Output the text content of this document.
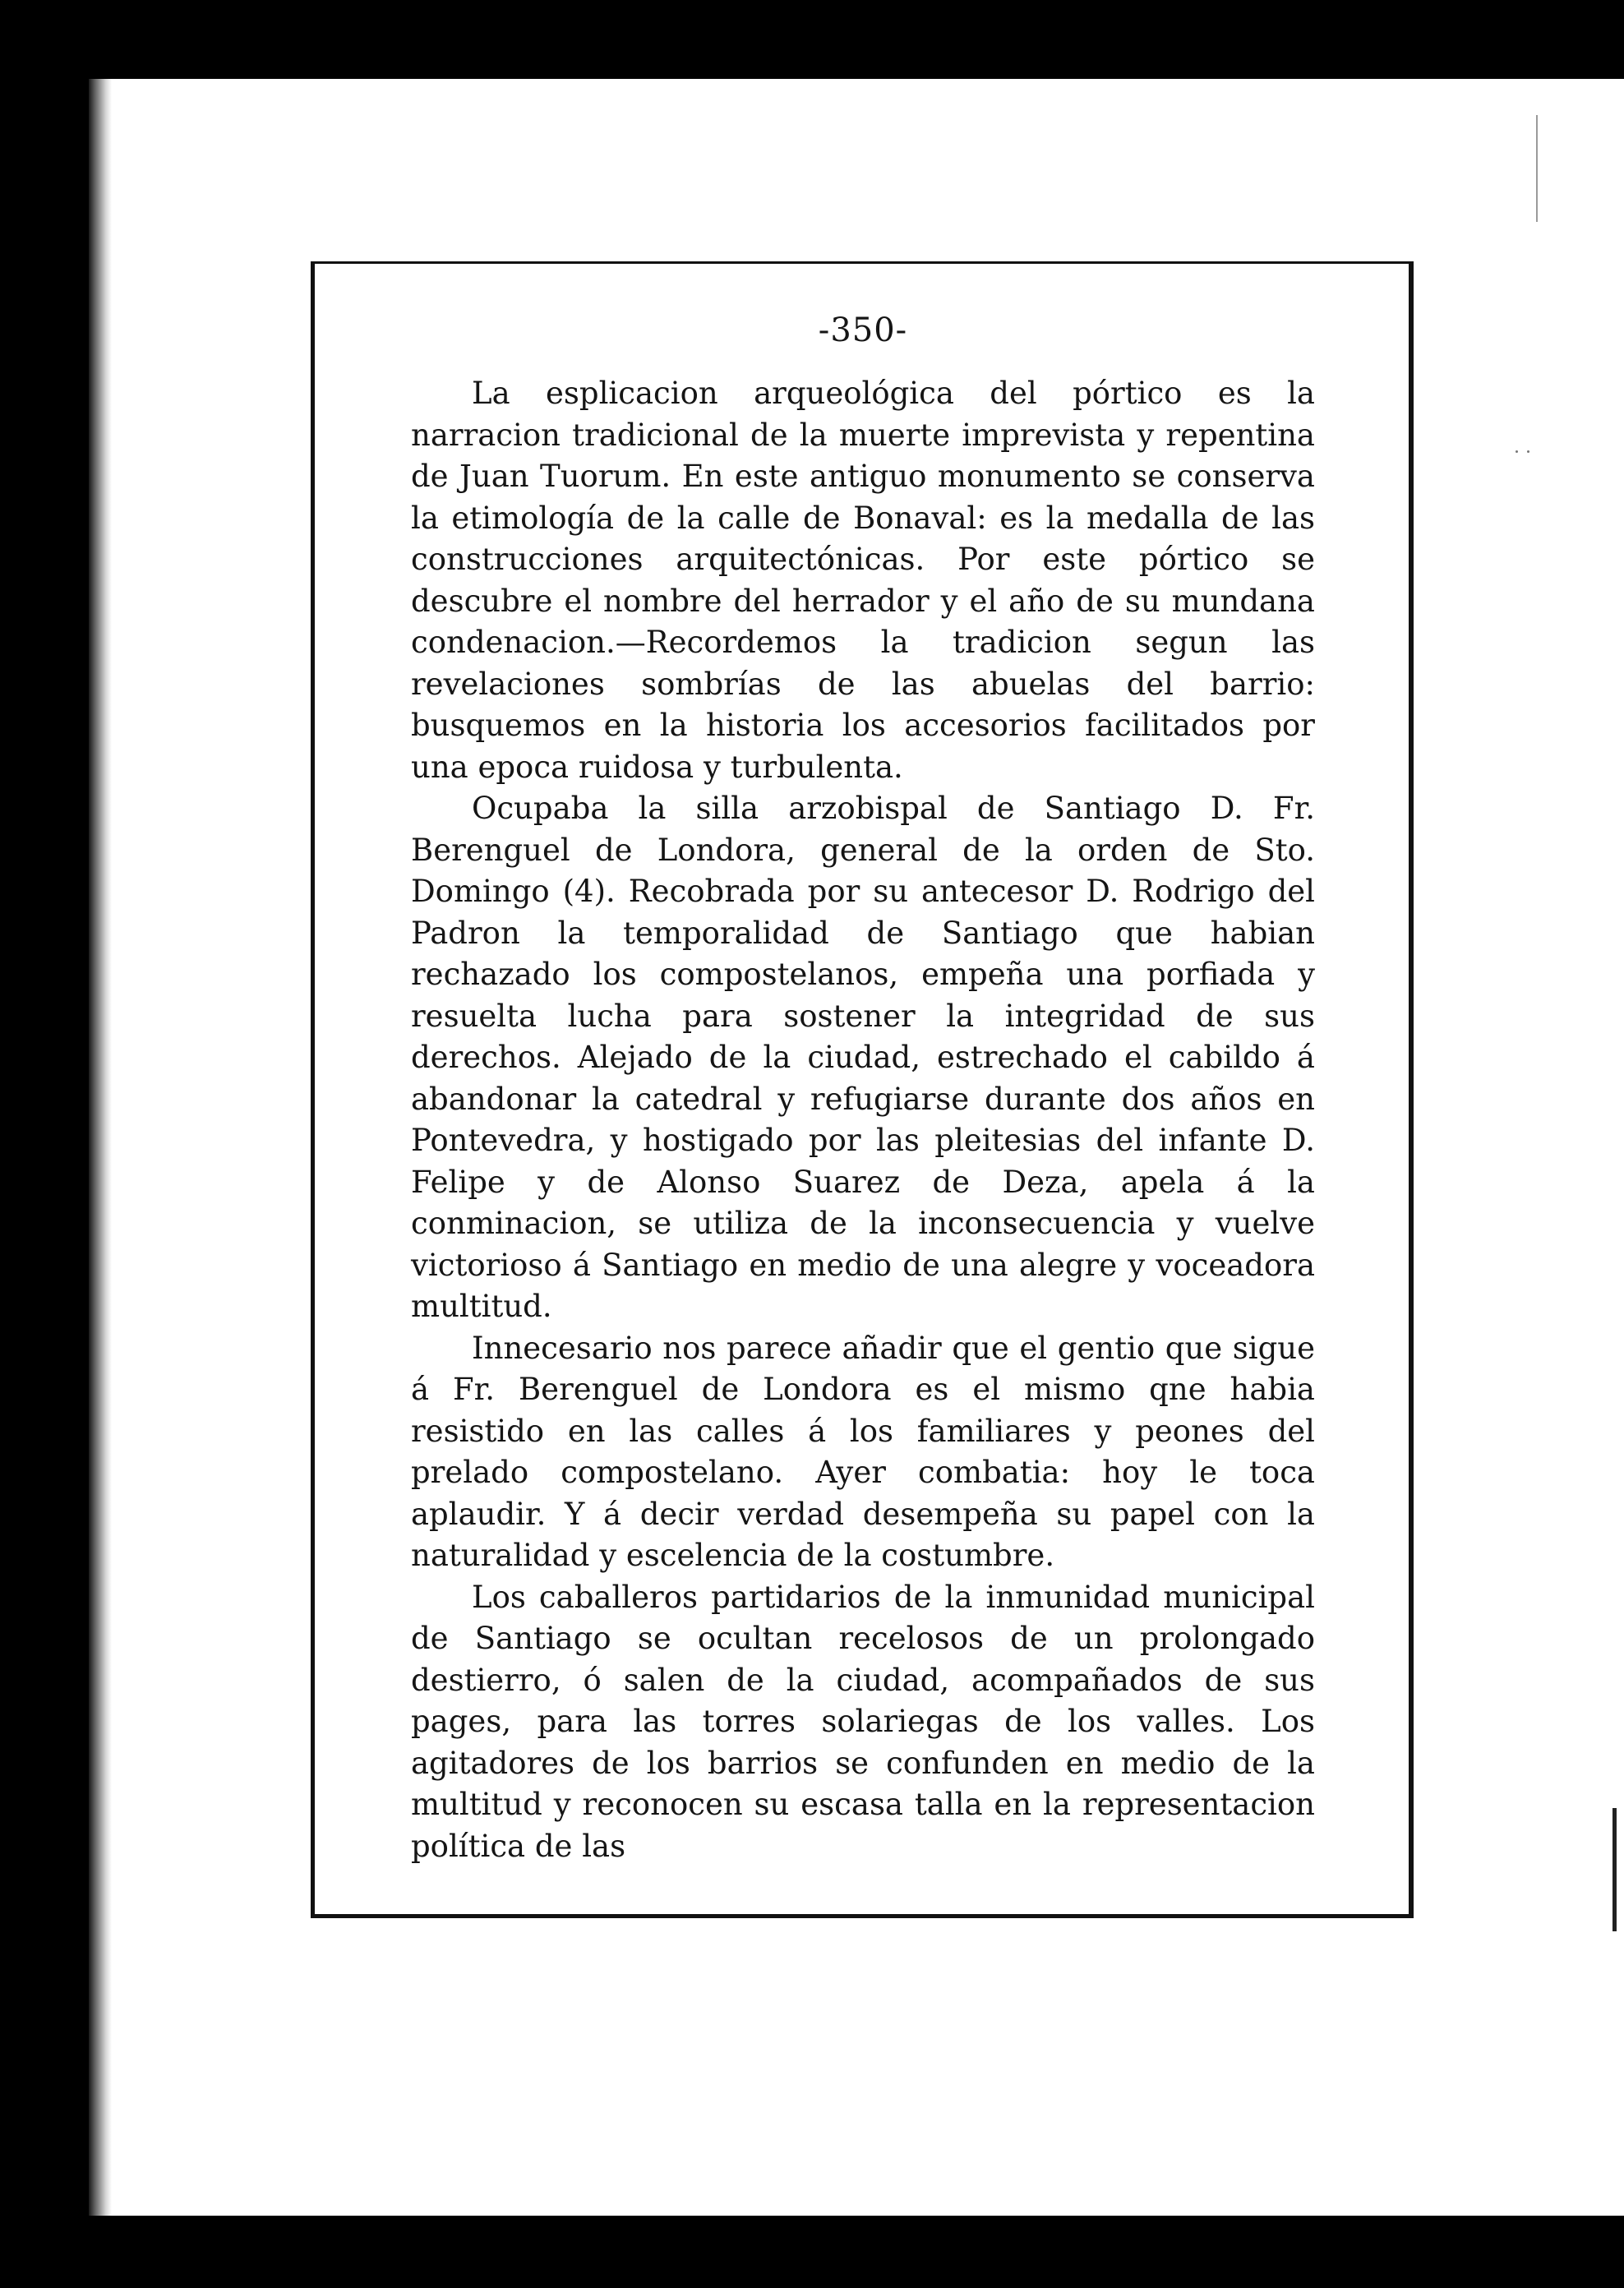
-350-

La esplicacion arqueológica del pórtico es la narracion tradicional de la muerte imprevista y repentina de Juan Tuorum. En este antiguo monumento se conserva la etimología de la calle de Bonaval: es la medalla de las construcciones arquitectónicas. Por este pórtico se descubre el nombre del herrador y el año de su mundana condenacion.—Recordemos la tradicion segun las revelaciones sombrías de las abuelas del barrio: busquemos en la historia los accesorios facilitados por una epoca ruidosa y turbulenta.

Ocupaba la silla arzobispal de Santiago D. Fr. Berenguel de Londora, general de la orden de Sto. Domingo (4). Recobrada por su antecesor D. Rodrigo del Padron la temporalidad de Santiago que habian rechazado los compostelanos, empeña una porfiada y resuelta lucha para sostener la integridad de sus derechos. Alejado de la ciudad, estrechado el cabildo á abandonar la catedral y refugiarse durante dos años en Pontevedra, y hostigado por las pleitesias del infante D. Felipe y de Alonso Suarez de Deza, apela á la conminacion, se utiliza de la inconsecuencia y vuelve victorioso á Santiago en medio de una alegre y voceadora multitud.

Innecesario nos parece añadir que el gentio que sigue á Fr. Berenguel de Londora es el mismo qne habia resistido en las calles á los familiares y peones del prelado compostelano. Ayer combatia: hoy le toca aplaudir. Y á decir verdad desempeña su papel con la naturalidad y escelencia de la costumbre.

Los caballeros partidarios de la inmunidad municipal de Santiago se ocultan recelosos de un prolongado destierro, ó salen de la ciudad, acompañados de sus pages, para las torres solariegas de los valles. Los agitadores de los barrios se confunden en medio de la multitud y reconocen su escasa talla en la representacion política de las
